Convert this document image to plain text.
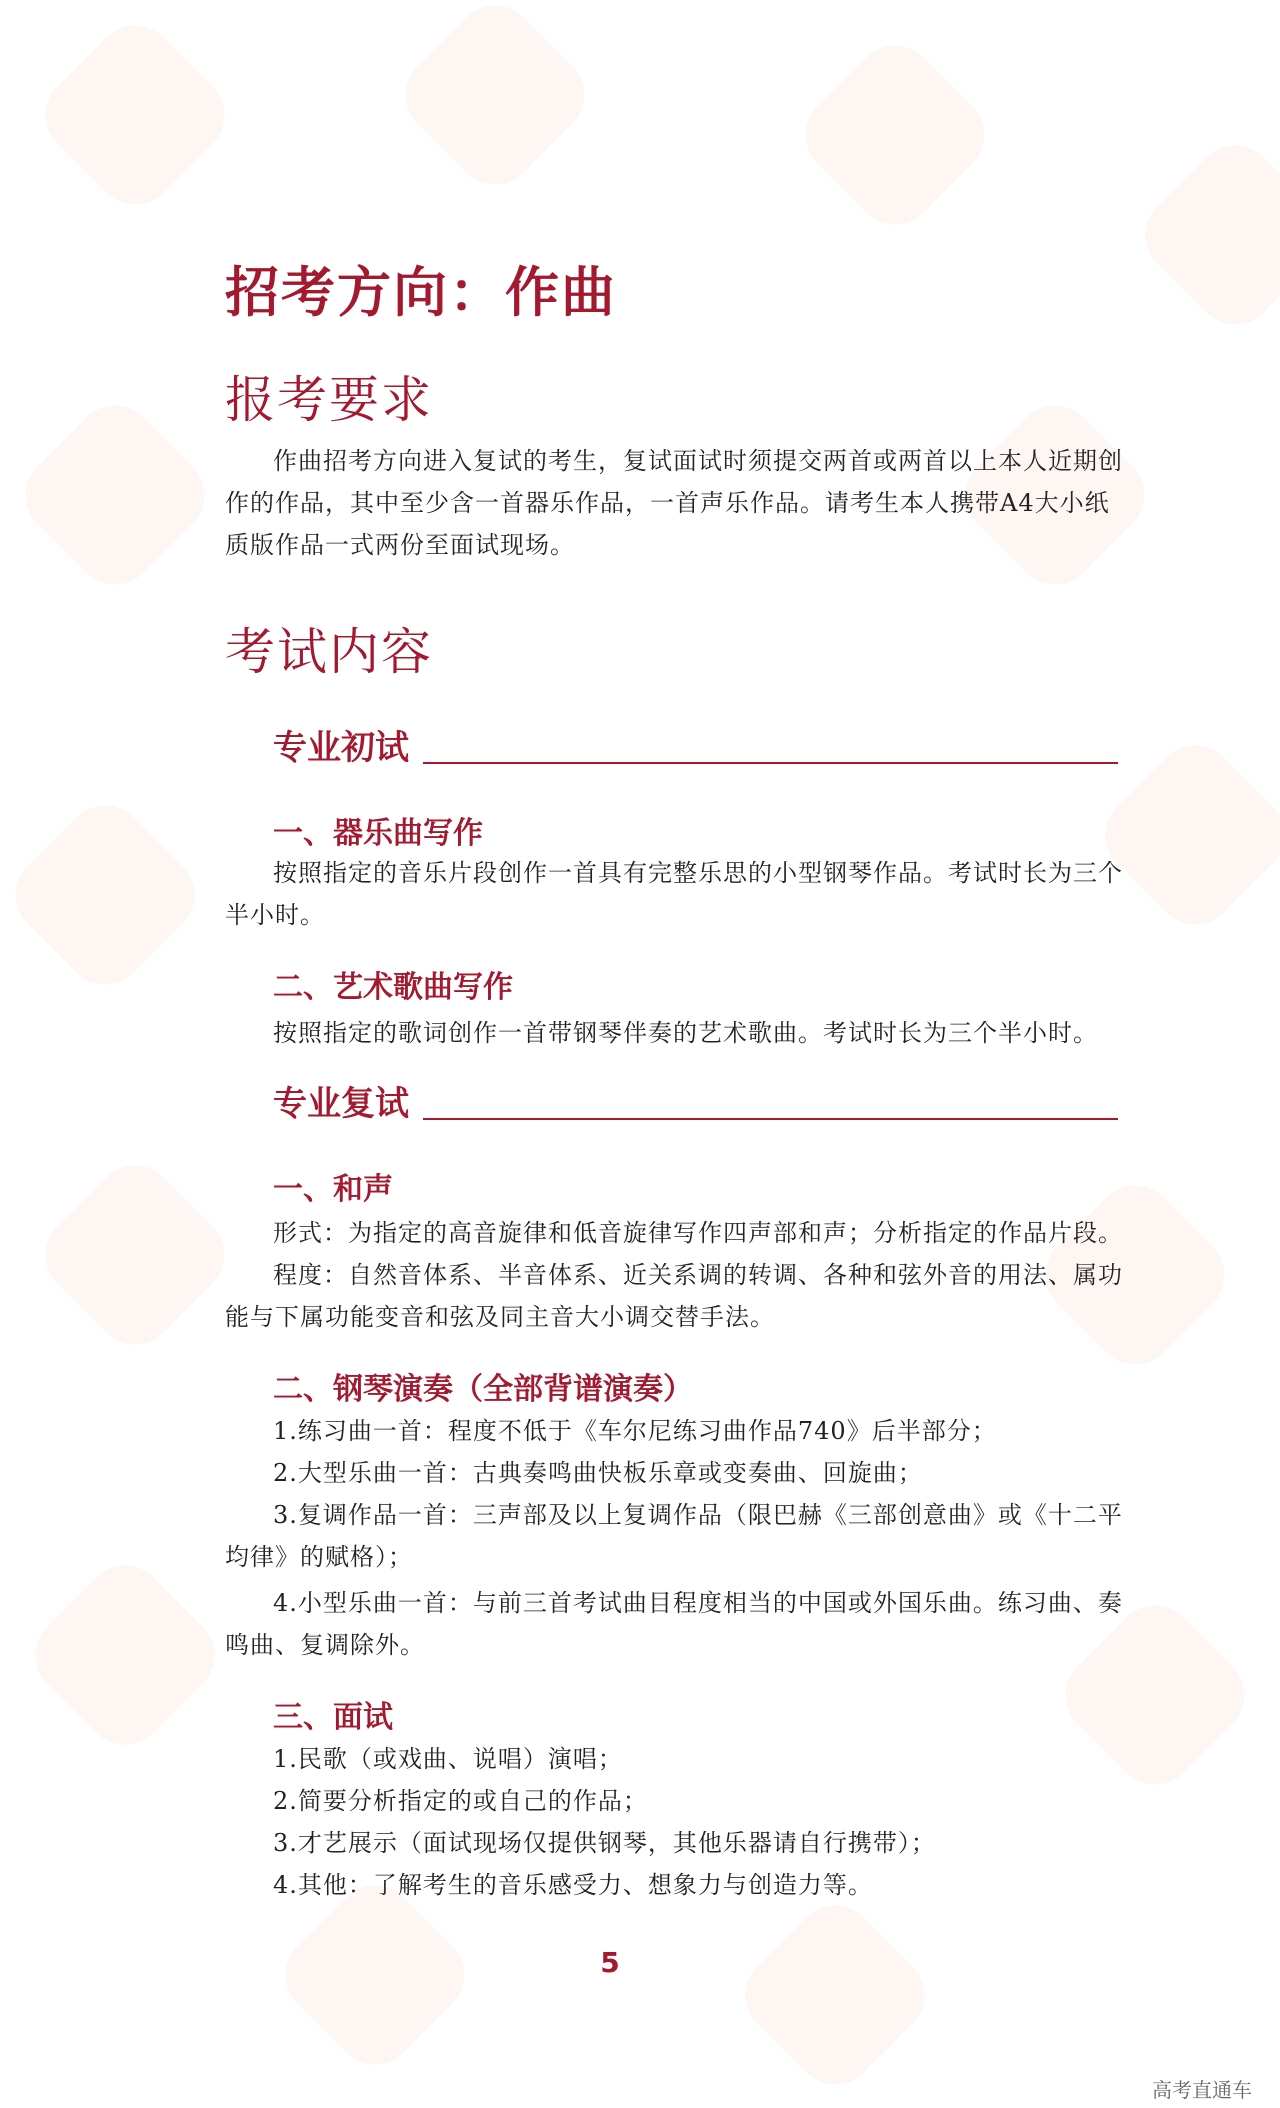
招考方向：作曲
报考要求

作曲招考方向进入复试的考生，复试面试时须提交两首或两首以上本人近期创作的作品，其中至少含一首器乐作品，一首声乐作品。请考生本人携带A4大小纸质版作品一式两份至面试现场。

考试内容
专业初试
一、器乐曲写作

按照指定的音乐片段创作一首具有完整乐思的小型钢琴作品。考试时长为三个半小时。

二、艺术歌曲写作

按照指定的歌词创作一首带钢琴伴奏的艺术歌曲。考试时长为三个半小时。

专业复试
一、和声

形式：为指定的高音旋律和低音旋律写作四声部和声；分析指定的作品片段。

程度：自然音体系、半音体系、近关系调的转调、各种和弦外音的用法、属功能与下属功能变音和弦及同主音大小调交替手法。

二、钢琴演奏（全部背谱演奏）

1.练习曲一首：程度不低于《车尔尼练习曲作品740》后半部分；

2.大型乐曲一首：古典奏鸣曲快板乐章或变奏曲、回旋曲；

3.复调作品一首：三声部及以上复调作品（限巴赫《三部创意曲》或《十二平均律》的赋格）；

4.小型乐曲一首：与前三首考试曲目程度相当的中国或外国乐曲。练习曲、奏鸣曲、复调除外。

三、面试

1.民歌（或戏曲、说唱）演唱；

2.简要分析指定的或自己的作品；

3.才艺展示（面试现场仅提供钢琴，其他乐器请自行携带）；

4.其他：了解考生的音乐感受力、想象力与创造力等。

5
高考直通车
